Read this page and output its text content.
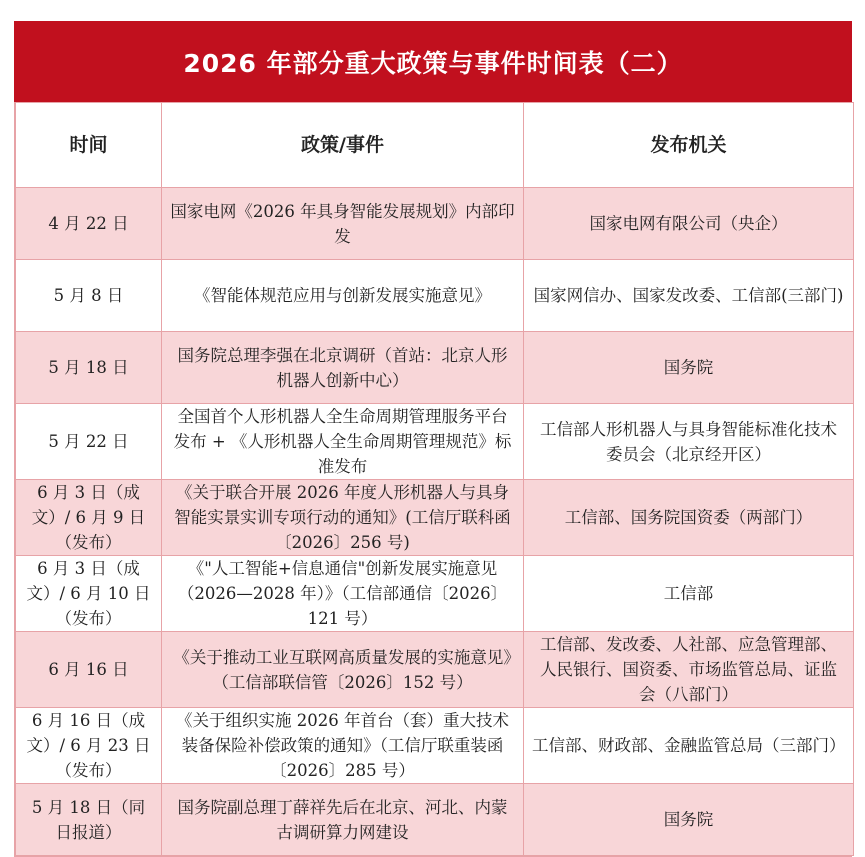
2026 年部分重大政策与事件时间表（二）
时间	政策/事件	发布机关
4 月 22 日	国家电网《2026 年具身智能发展规划》内部印发	国家电网有限公司（央企）
5 月 8 日	《智能体规范应用与创新发展实施意见》	国家网信办、国家发改委、工信部(三部门)
5 月 18 日	国务院总理李强在北京调研（首站：北京人形机器人创新中心）	国务院
5 月 22 日	全国首个人形机器人全生命周期管理服务平台发布 + 《人形机器人全生命周期管理规范》标准发布	工信部人形机器人与具身智能标准化技术委员会（北京经开区）
6 月 3 日（成文）/ 6 月 9 日（发布）	《关于联合开展 2026 年度人形机器人与具身智能实景实训专项行动的通知》(工信厅联科函〔2026〕256 号)	工信部、国务院国资委（两部门）
6 月 3 日（成文）/ 6 月 10 日（发布）	《"人工智能+信息通信"创新发展实施意见（2026—2028 年）》（工信部通信〔2026〕121 号）	工信部
6 月 16 日	《关于推动工业互联网高质量发展的实施意见》（工信部联信管〔2026〕152 号）	工信部、发改委、人社部、应急管理部、人民银行、国资委、市场监管总局、证监会（八部门）
6 月 16 日（成文）/ 6 月 23 日（发布）	《关于组织实施 2026 年首台（套）重大技术装备保险补偿政策的通知》（工信厅联重装函〔2026〕285 号）	工信部、财政部、金融监管总局（三部门）
5 月 18 日（同日报道）	国务院副总理丁薛祥先后在北京、河北、内蒙古调研算力网建设	国务院
